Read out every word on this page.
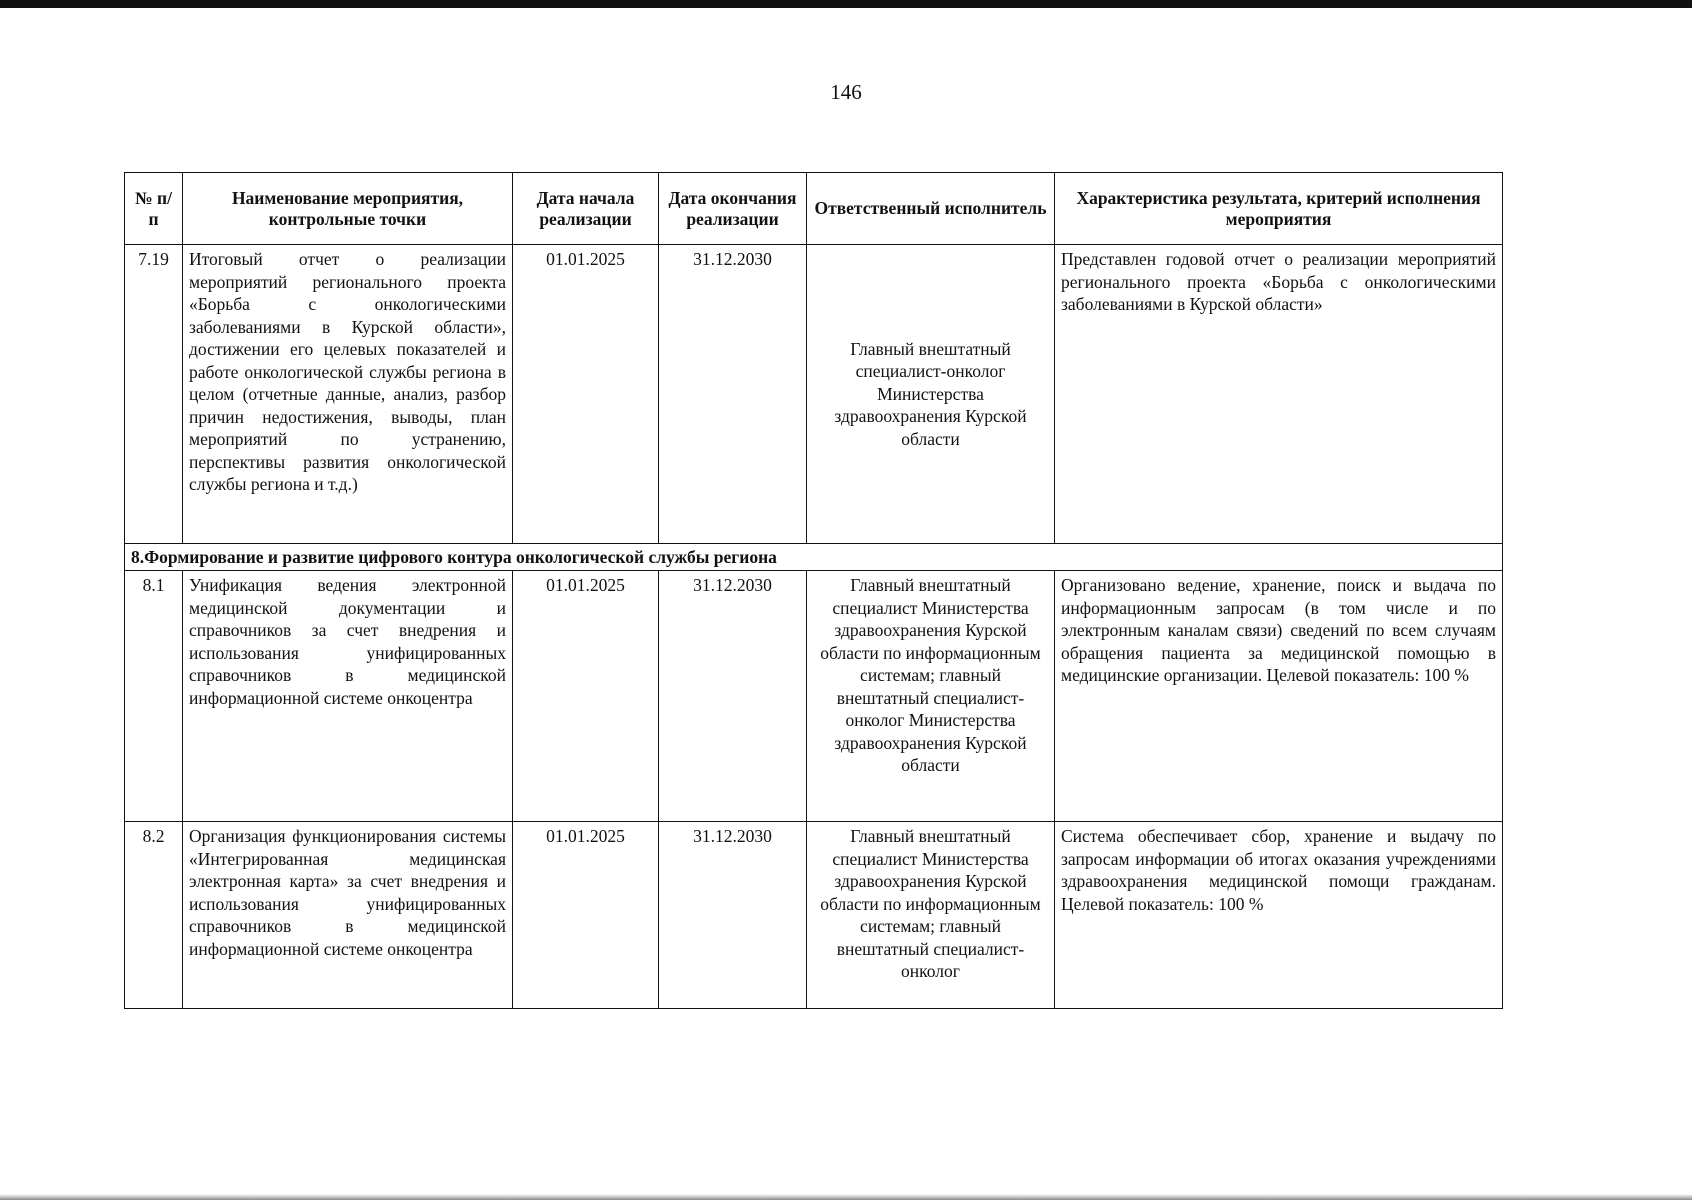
146
№ п/п	Наименование мероприятия, контрольные точки	Дата начала реализации	Дата окончания реализации	Ответственный исполнитель	Характеристика результата, критерий исполнения мероприятия
7.19	Итоговый отчет о реализации мероприятий регионального проекта «Борьба с онкологическими заболеваниями в Курской области», достижении его целевых показателей и работе онкологической службы региона в целом (отчетные данные, анализ, разбор причин недостижения, выводы, план мероприятий по устранению, перспективы развития онкологической службы региона и т.д.)	01.01.2025	31.12.2030	Главный внештатный специалист-онколог Министерства здравоохранения Курской области	Представлен годовой отчет о реализации мероприятий регионального проекта «Борьба с онкологическими заболеваниями в Курской области»
8.Формирование и развитие цифрового контура онкологической службы региона					
8.1	Унификация ведения электронной медицинской документации и справочников за счет внедрения и использования унифицированных справочников в медицинской информационной системе онкоцентра	01.01.2025	31.12.2030	Главный внештатный специалист Министерства здравоохранения Курской области по информационным системам; главный внештатный специалист-онколог Министерства здравоохранения Курской области	Организовано ведение, хранение, поиск и выдача по информационным запросам (в том числе и по электронным каналам связи) сведений по всем случаям обращения пациента за медицинской помощью в медицинские организации. Целевой показатель: 100 %
8.2	Организация функционирования системы «Интегрированная медицинская электронная карта» за счет внедрения и использования унифицированных справочников в медицинской информационной системе онкоцентра	01.01.2025	31.12.2030	Главный внештатный специалист Министерства здравоохранения Курской области по информационным системам; главный внештатный специалист-онколог	Система обеспечивает сбор, хранение и выдачу по запросам информации об итогах оказания учреждениями здравоохранения медицинской помощи гражданам. Целевой показатель: 100 %
